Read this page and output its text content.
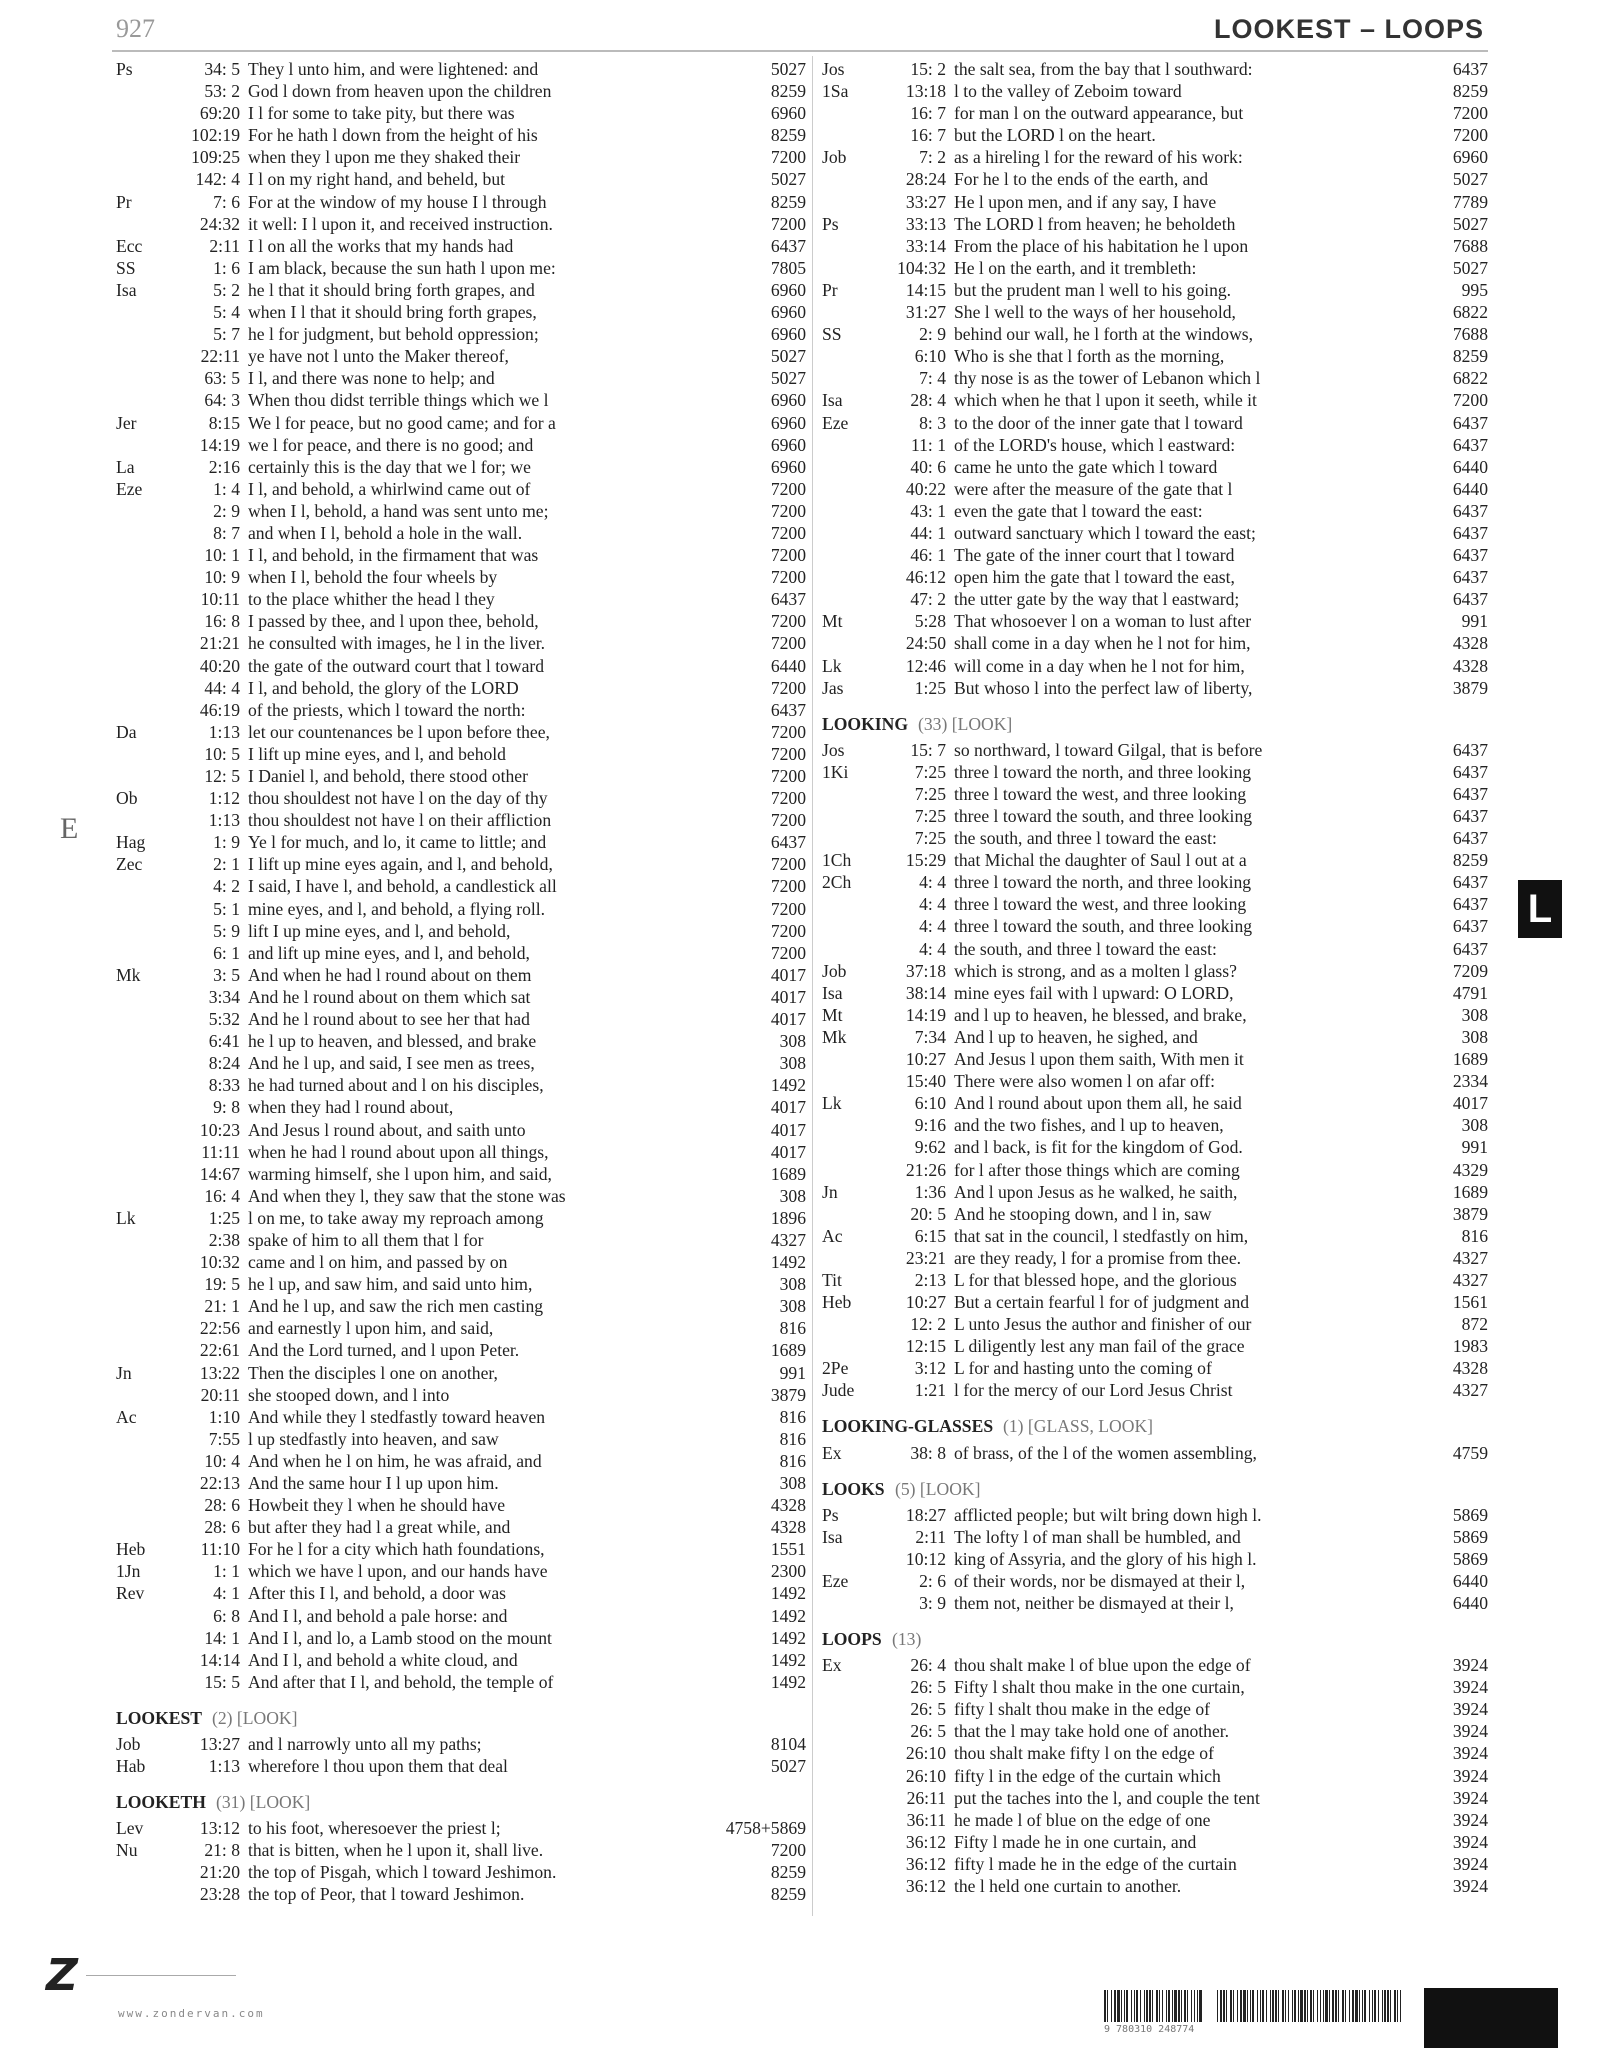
927	LOOKEST – LOOPS
Ps	34: 5 They l unto him, and were lightened: and	5027
53: 2 God l down from heaven upon the children	8259
69:20 I l for some to take pity, but there was	6960
102:19 For he hath l down from the height of his	8259
109:25 when they l upon me they shaked their	7200
142: 4 I l on my right hand, and beheld, but	5027
Pr	7: 6 For at the window of my house I l through	8259
24:32 it well: I l upon it, and received instruction.	7200
Ecc	2:11 I l on all the works that my hands had	6437
SS	1: 6 I am black, because the sun hath l upon me:	7805
Isa	5: 2 he l that it should bring forth grapes, and	6960
5: 4 when I l that it should bring forth grapes,	6960
5: 7 he l for judgment, but behold oppression;	6960
22:11 ye have not l unto the Maker thereof,	5027
63: 5 I l, and there was none to help; and	5027
64: 3 When thou didst terrible things which we l	6960
Jer	8:15 We l for peace, but no good came; and for a	6960
14:19 we l for peace, and there is no good; and	6960
La	2:16 certainly this is the day that we l for; we	6960
Eze	1: 4 I l, and behold, a whirlwind came out of	7200
2: 9 when I l, behold, a hand was sent unto me;	7200
8: 7 and when I l, behold a hole in the wall.	7200
10: 1 I l, and behold, in the firmament that was	7200
10: 9 when I l, behold the four wheels by	7200
10:11 to the place whither the head l they	6437
16: 8 I passed by thee, and l upon thee, behold,	7200
21:21 he consulted with images, he l in the liver.	7200
40:20 the gate of the outward court that l toward	6440
44: 4 I l, and behold, the glory of the LORD	7200
46:19 of the priests, which l toward the north:	6437
Da	1:13 let our countenances be l upon before thee,	7200
10: 5 I lift up mine eyes, and l, and behold	7200
12: 5 I Daniel l, and behold, there stood other	7200
Ob	1:12 thou shouldest not have l on the day of thy	7200
1:13 thou shouldest not have l on their affliction	7200
Hag	1: 9 Ye l for much, and lo, it came to little; and	6437
Zec	2: 1 I lift up mine eyes again, and l, and behold,	7200
4: 2 I said, I have l, and behold, a candlestick all	7200
5: 1 mine eyes, and l, and behold, a flying roll.	7200
5: 9 lift I up mine eyes, and l, and behold,	7200
6: 1 and lift up mine eyes, and l, and behold,	7200
Mk	3: 5 And when he had l round about on them	4017
3:34 And he l round about on them which sat	4017
5:32 And he l round about to see her that had	4017
6:41 he l up to heaven, and blessed, and brake	308
8:24 And he l up, and said, I see men as trees,	308
8:33 he had turned about and l on his disciples,	1492
9: 8 when they had l round about,	4017
10:23 And Jesus l round about, and saith unto	4017
11:11 when he had l round about upon all things,	4017
14:67 warming himself, she l upon him, and said,	1689
16: 4 And when they l, they saw that the stone was	308
Lk	1:25 l on me, to take away my reproach among	1896
2:38 spake of him to all them that l for	4327
10:32 came and l on him, and passed by on	1492
19: 5 he l up, and saw him, and said unto him,	308
21: 1 And he l up, and saw the rich men casting	308
22:56 and earnestly l upon him, and said,	816
22:61 And the Lord turned, and l upon Peter.	1689
Jn	13:22 Then the disciples l one on another,	991
20:11 she stooped down, and l into	3879
Ac	1:10 And while they l stedfastly toward heaven	816
7:55 l up stedfastly into heaven, and saw	816
10: 4 And when he l on him, he was afraid, and	816
22:13 And the same hour I l up upon him.	308
28: 6 Howbeit they l when he should have	4328
28: 6 but after they had l a great while, and	4328
Heb	11:10 For he l for a city which hath foundations,	1551
1Jn	1: 1 which we have l upon, and our hands have	2300
Rev	4: 1 After this I l, and behold, a door was	1492
6: 8 And I l, and behold a pale horse: and	1492
14: 1 And I l, and lo, a Lamb stood on the mount	1492
14:14 And I l, and behold a white cloud, and	1492
15: 5 And after that I l, and behold, the temple of	1492
LOOKEST (2) [LOOK]
Job	13:27 and l narrowly unto all my paths;	8104
Hab	1:13 wherefore l thou upon them that deal	5027
LOOKETH (31) [LOOK]
Lev	13:12 to his foot, wheresoever the priest l;	4758+5869
Nu	21: 8 that is bitten, when he l upon it, shall live.	7200
21:20 the top of Pisgah, which l toward Jeshimon.	8259
23:28 the top of Peor, that l toward Jeshimon.	8259
Jos	15: 2 the salt sea, from the bay that l southward:	6437
1Sa	13:18 l to the valley of Zeboim toward	8259
16: 7 for man l on the outward appearance, but	7200
16: 7 but the LORD l on the heart.	7200
Job	7: 2 as a hireling l for the reward of his work:	6960
28:24 For he l to the ends of the earth, and	5027
33:27 He l upon men, and if any say, I have	7789
Ps	33:13 The LORD l from heaven; he beholdeth	5027
33:14 From the place of his habitation he l upon	7688
104:32 He l on the earth, and it trembleth:	5027
Pr	14:15 but the prudent man l well to his going.	995
31:27 She l well to the ways of her household,	6822
SS	2: 9 behind our wall, he l forth at the windows,	7688
6:10 Who is she that l forth as the morning,	8259
7: 4 thy nose is as the tower of Lebanon which l	6822
Isa	28: 4 which when he that l upon it seeth, while it	7200
Eze	8: 3 to the door of the inner gate that l toward	6437
11: 1 of the LORD's house, which l eastward:	6437
40: 6 came he unto the gate which l toward	6440
40:22 were after the measure of the gate that l	6440
43: 1 even the gate that l toward the east:	6437
44: 1 outward sanctuary which l toward the east;	6437
46: 1 The gate of the inner court that l toward	6437
46:12 open him the gate that l toward the east,	6437
47: 2 the utter gate by the way that l eastward;	6437
Mt	5:28 That whosoever l on a woman to lust after	991
24:50 shall come in a day when he l not for him,	4328
Lk	12:46 will come in a day when he l not for him,	4328
Jas	1:25 But whoso l into the perfect law of liberty,	3879
LOOKING (33) [LOOK]
Jos	15: 7 so northward, l toward Gilgal, that is before	6437
1Ki	7:25 three l toward the north, and three looking	6437
7:25 three l toward the west, and three looking	6437
7:25 three l toward the south, and three looking	6437
7:25 the south, and three l toward the east:	6437
1Ch	15:29 that Michal the daughter of Saul l out at a	8259
2Ch	4: 4 three l toward the north, and three looking	6437
4: 4 three l toward the west, and three looking	6437
4: 4 three l toward the south, and three looking	6437
4: 4 the south, and three l toward the east:	6437
Job	37:18 which is strong, and as a molten l glass?	7209
Isa	38:14 mine eyes fail with l upward: O LORD,	4791
Mt	14:19 and l up to heaven, he blessed, and brake,	308
Mk	7:34 And l up to heaven, he sighed, and	308
10:27 And Jesus l upon them saith, With men it	1689
15:40 There were also women l on afar off:	2334
Lk	6:10 And l round about upon them all, he said	4017
9:16 and the two fishes, and l up to heaven,	308
9:62 and l back, is fit for the kingdom of God.	991
21:26 for l after those things which are coming	4329
Jn	1:36 And l upon Jesus as he walked, he saith,	1689
20: 5 And he stooping down, and l in, saw	3879
Ac	6:15 that sat in the council, l stedfastly on him,	816
23:21 are they ready, l for a promise from thee.	4327
Tit	2:13 L for that blessed hope, and the glorious	4327
Heb	10:27 But a certain fearful l for of judgment and	1561
12: 2 L unto Jesus the author and finisher of our	872
12:15 L diligently lest any man fail of the grace	1983
2Pe	3:12 L for and hasting unto the coming of	4328
Jude	1:21 l for the mercy of our Lord Jesus Christ	4327
LOOKING-GLASSES (1) [GLASS, LOOK]
Ex	38: 8 of brass, of the l of the women assembling,	4759
LOOKS (5) [LOOK]
Ps	18:27 afflicted people; but wilt bring down high l.	5869
Isa	2:11 The lofty l of man shall be humbled, and	5869
10:12 king of Assyria, and the glory of his high l.	5869
Eze	2: 6 of their words, nor be dismayed at their l,	6440
3: 9 them not, neither be dismayed at their l,	6440
LOOPS (13)
Ex	26: 4 thou shalt make l of blue upon the edge of	3924
26: 5 Fifty l shalt thou make in the one curtain,	3924
26: 5 fifty l shalt thou make in the edge of	3924
26: 5 that the l may take hold one of another.	3924
26:10 thou shalt make fifty l on the edge of	3924
26:10 fifty l in the edge of the curtain which	3924
26:11 put the taches into the l, and couple the tent	3924
36:11 he made l of blue on the edge of one	3924
36:12 Fifty l made he in one curtain, and	3924
36:12 fifty l made he in the edge of the curtain	3924
36:12 the l held one curtain to another.	3924
E
L
Z
www.zondervan.com
9 780310 248774
